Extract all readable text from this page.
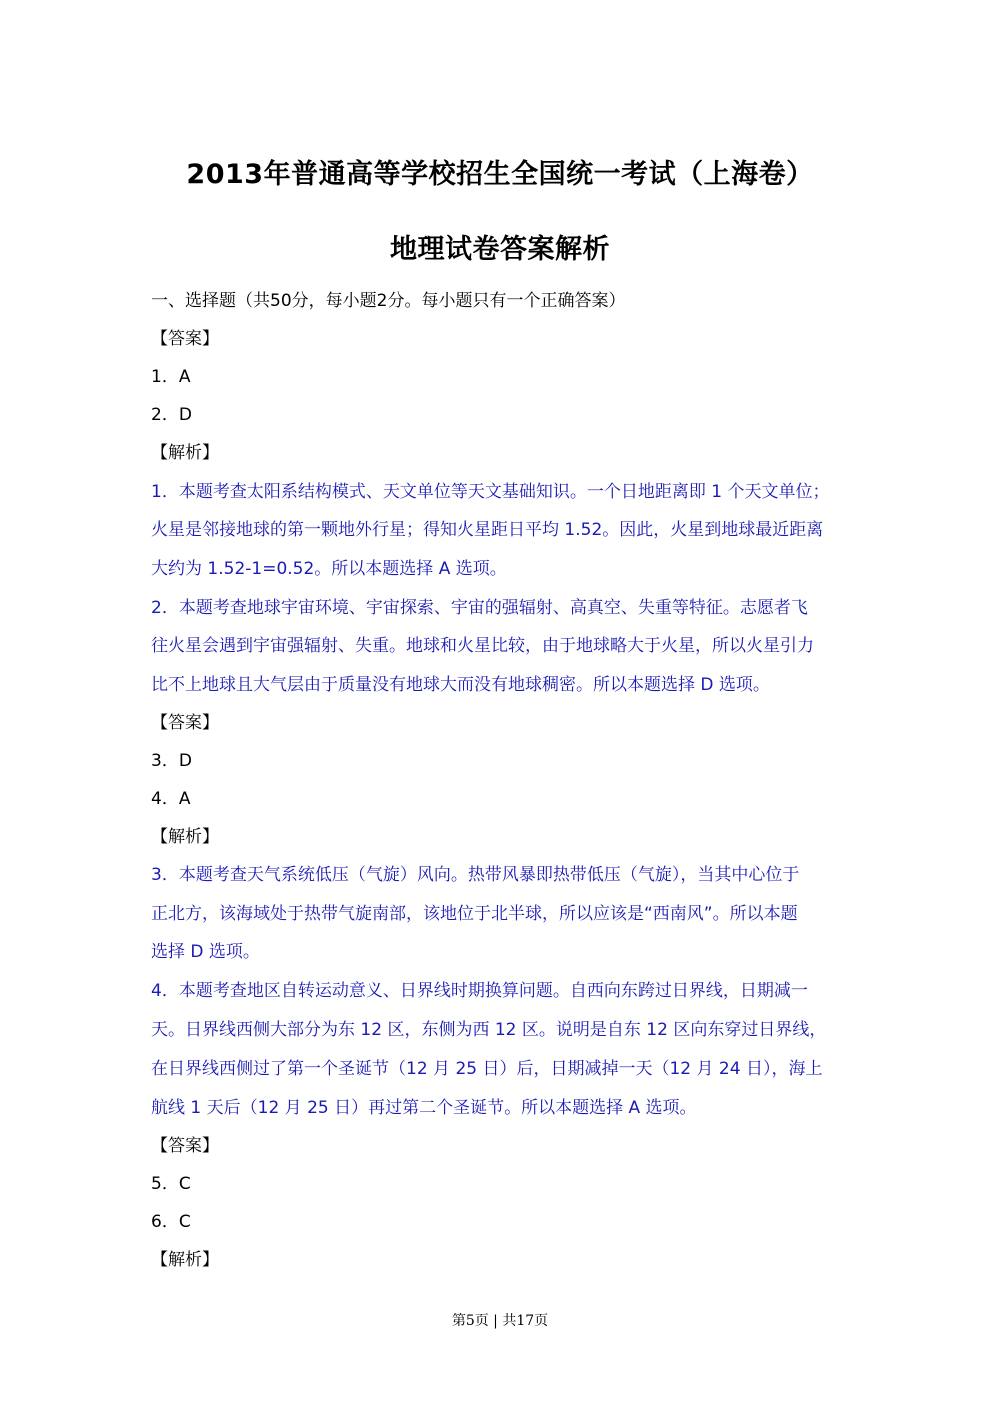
2013年普通高等学校招生全国统一考试（上海卷）
地理试卷答案解析
一、选择题（共50分，每小题2分。每小题只有一个正确答案）
【答案】
1．A
2．D
【解析】
1．本题考查太阳系结构模式、天文单位等天文基础知识。一个日地距离即 1 个天文单位；
火星是邻接地球的第一颗地外行星；得知火星距日平均 1.52。因此，火星到地球最近距离
大约为 1.52-1=0.52。所以本题选择 A 选项。
2．本题考查地球宇宙环境、宇宙探索、宇宙的强辐射、高真空、失重等特征。志愿者飞
往火星会遇到宇宙强辐射、失重。地球和火星比较，由于地球略大于火星，所以火星引力
比不上地球且大气层由于质量没有地球大而没有地球稠密。所以本题选择 D 选项。
【答案】
3．D
4．A
【解析】
3．本题考查天气系统低压（气旋）风向。热带风暴即热带低压（气旋），当其中心位于
正北方，该海域处于热带气旋南部，该地位于北半球，所以应该是“西南风”。所以本题
选择 D 选项。
4．本题考查地区自转运动意义、日界线时期换算问题。自西向东跨过日界线，日期减一
天。日界线西侧大部分为东 12 区，东侧为西 12 区。说明是自东 12 区向东穿过日界线，
在日界线西侧过了第一个圣诞节（12 月 25 日）后，日期减掉一天（12 月 24 日），海上
航线 1 天后（12 月 25 日）再过第二个圣诞节。所以本题选择 A 选项。
【答案】
5．C
6．C
【解析】
第5页 | 共17页
